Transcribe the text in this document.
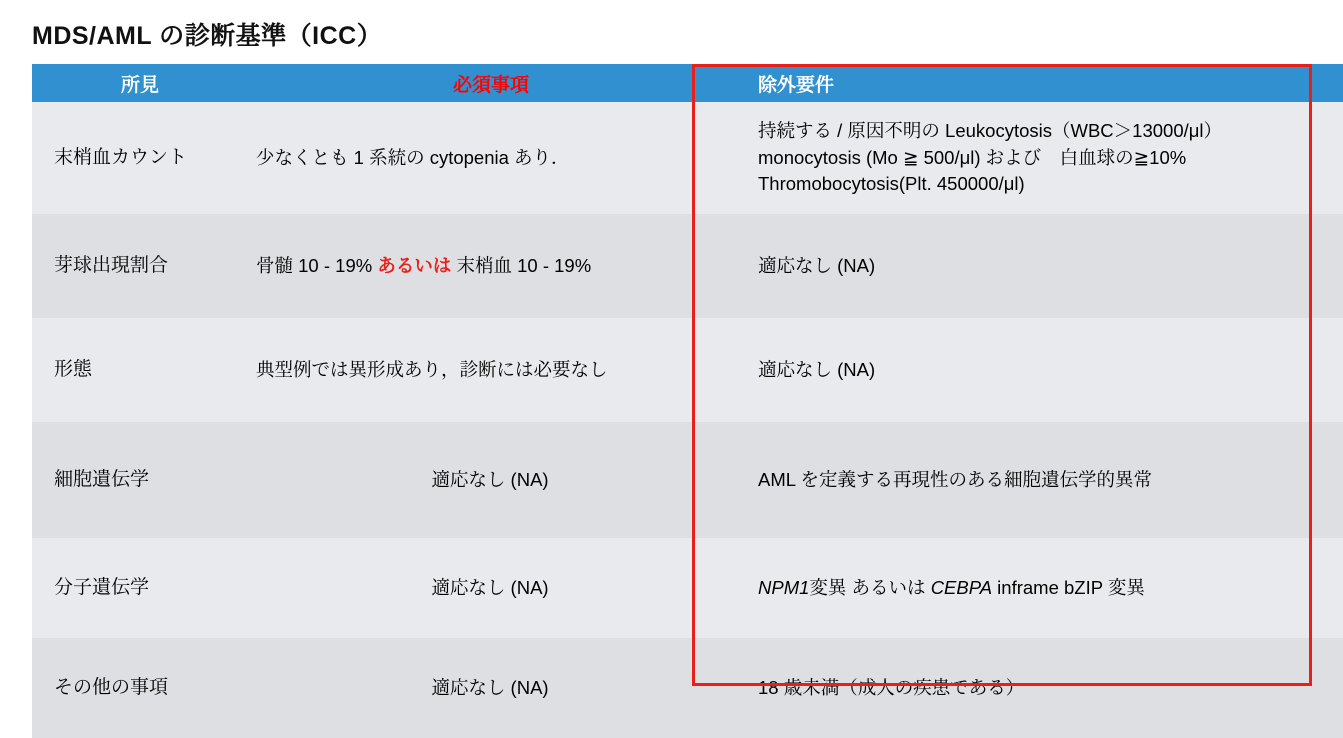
MDS/AML の診断基準（ICC）
所見	必須事項	除外要件
末梢血カウント	少なくとも 1 系統の cytopenia あり．	持続する / 原因不明の Leukocytosis（WBC＞13000/μl）
monocytosis (Mo ≧ 500/μl) および　白血球の≧10%
Thromobocytosis(Plt. 450000/μl)

芽球出現割合	骨髄 10 - 19% あるいは 末梢血 10 - 19%	適応なし (NA)

形態	典型例では異形成あり，診断には必要なし	適応なし (NA)

細胞遺伝学	適応なし (NA)	AML を定義する再現性のある細胞遺伝学的異常

分子遺伝学	適応なし (NA)	NPM1変異 あるいは CEBPA inframe bZIP 変異
その他の事項	適応なし (NA)	18 歳未満（成人の疾患である）
